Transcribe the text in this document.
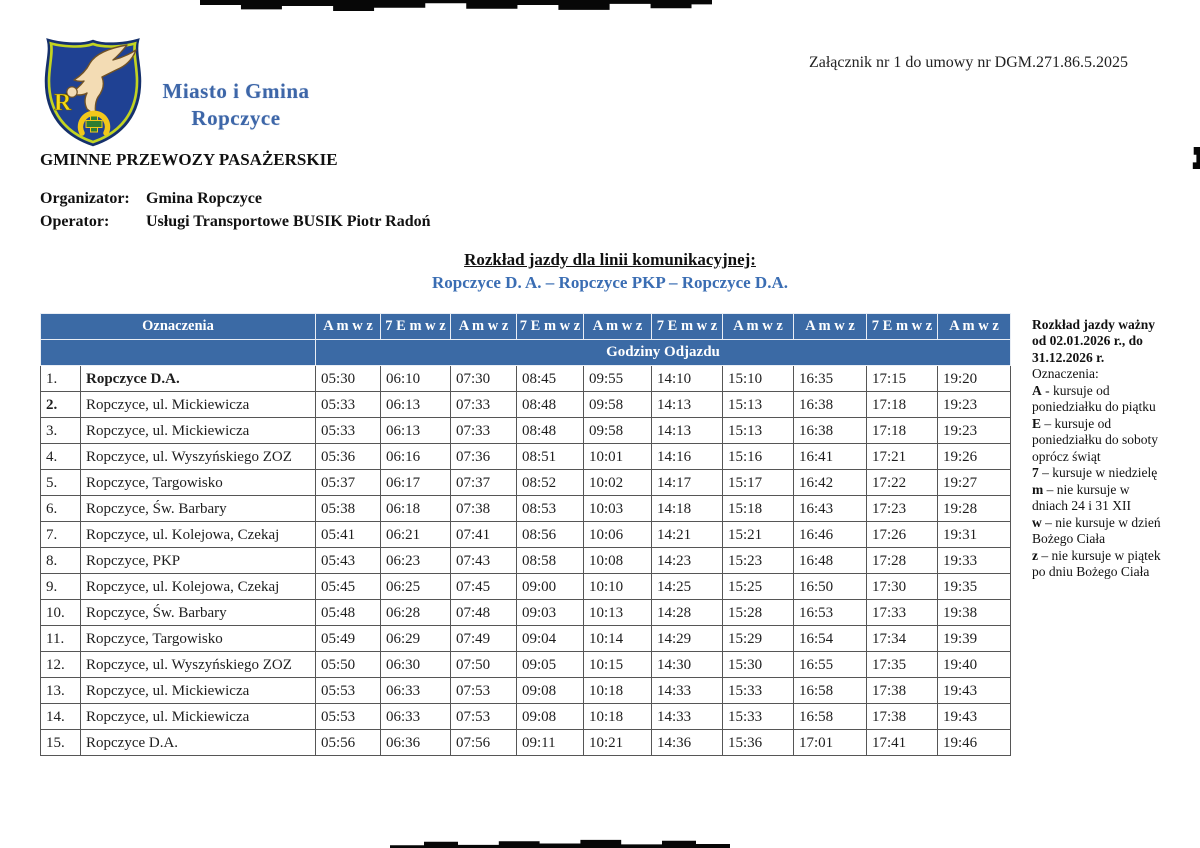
Załącznik nr 1 do umowy nr DGM.271.86.5.2025
R	Miasto i Gmina
Ropczyce
GMINNE PRZEWOZY PASAŻERSKIE
Organizator:	Gmina Ropczyce
Operator:	Usługi Transportowe BUSIK Piotr Radoń
Rozkład jazdy dla linii komunikacyjnej:
Ropczyce D. A. – Ropczyce PKP – Ropczyce D.A.
Oznaczenia		A m w z	7 E m w z	A m w z	7 E m w z	A m w z	7 E m w z	A m w z	A m w z	7 E m w z	A m w z
		Godziny Odjazdu									
1.	Ropczyce D.A.	05:30	06:10	07:30	08:45	09:55	14:10	15:10	16:35	17:15	19:20
2.	Ropczyce, ul. Mickiewicza	05:33	06:13	07:33	08:48	09:58	14:13	15:13	16:38	17:18	19:23
3.	Ropczyce, ul. Mickiewicza	05:33	06:13	07:33	08:48	09:58	14:13	15:13	16:38	17:18	19:23
4.	Ropczyce, ul. Wyszyńskiego ZOZ	05:36	06:16	07:36	08:51	10:01	14:16	15:16	16:41	17:21	19:26
5.	Ropczyce, Targowisko	05:37	06:17	07:37	08:52	10:02	14:17	15:17	16:42	17:22	19:27
6.	Ropczyce, Św. Barbary	05:38	06:18	07:38	08:53	10:03	14:18	15:18	16:43	17:23	19:28
7.	Ropczyce, ul. Kolejowa, Czekaj	05:41	06:21	07:41	08:56	10:06	14:21	15:21	16:46	17:26	19:31
8.	Ropczyce, PKP	05:43	06:23	07:43	08:58	10:08	14:23	15:23	16:48	17:28	19:33
9.	Ropczyce, ul. Kolejowa, Czekaj	05:45	06:25	07:45	09:00	10:10	14:25	15:25	16:50	17:30	19:35
10.	Ropczyce, Św. Barbary	05:48	06:28	07:48	09:03	10:13	14:28	15:28	16:53	17:33	19:38
11.	Ropczyce, Targowisko	05:49	06:29	07:49	09:04	10:14	14:29	15:29	16:54	17:34	19:39
12.	Ropczyce, ul. Wyszyńskiego ZOZ	05:50	06:30	07:50	09:05	10:15	14:30	15:30	16:55	17:35	19:40
13.	Ropczyce, ul. Mickiewicza	05:53	06:33	07:53	09:08	10:18	14:33	15:33	16:58	17:38	19:43
14.	Ropczyce, ul. Mickiewicza	05:53	06:33	07:53	09:08	10:18	14:33	15:33	16:58	17:38	19:43
15.	Ropczyce D.A.	05:56	06:36	07:56	09:11	10:21	14:36	15:36	17:01	17:41	19:46
Rozkład jazdy ważny od 02.01.2026 r., do 31.12.2026 r.
Oznaczenia:
A - kursuje od poniedziałku do piątku
E – kursuje od poniedziałku do soboty oprócz świąt
7 – kursuje w niedzielę
m – nie kursuje w dniach 24 i 31 XII
w – nie kursuje w dzień Bożego Ciała
z – nie kursuje w piątek po dniu Bożego Ciała
